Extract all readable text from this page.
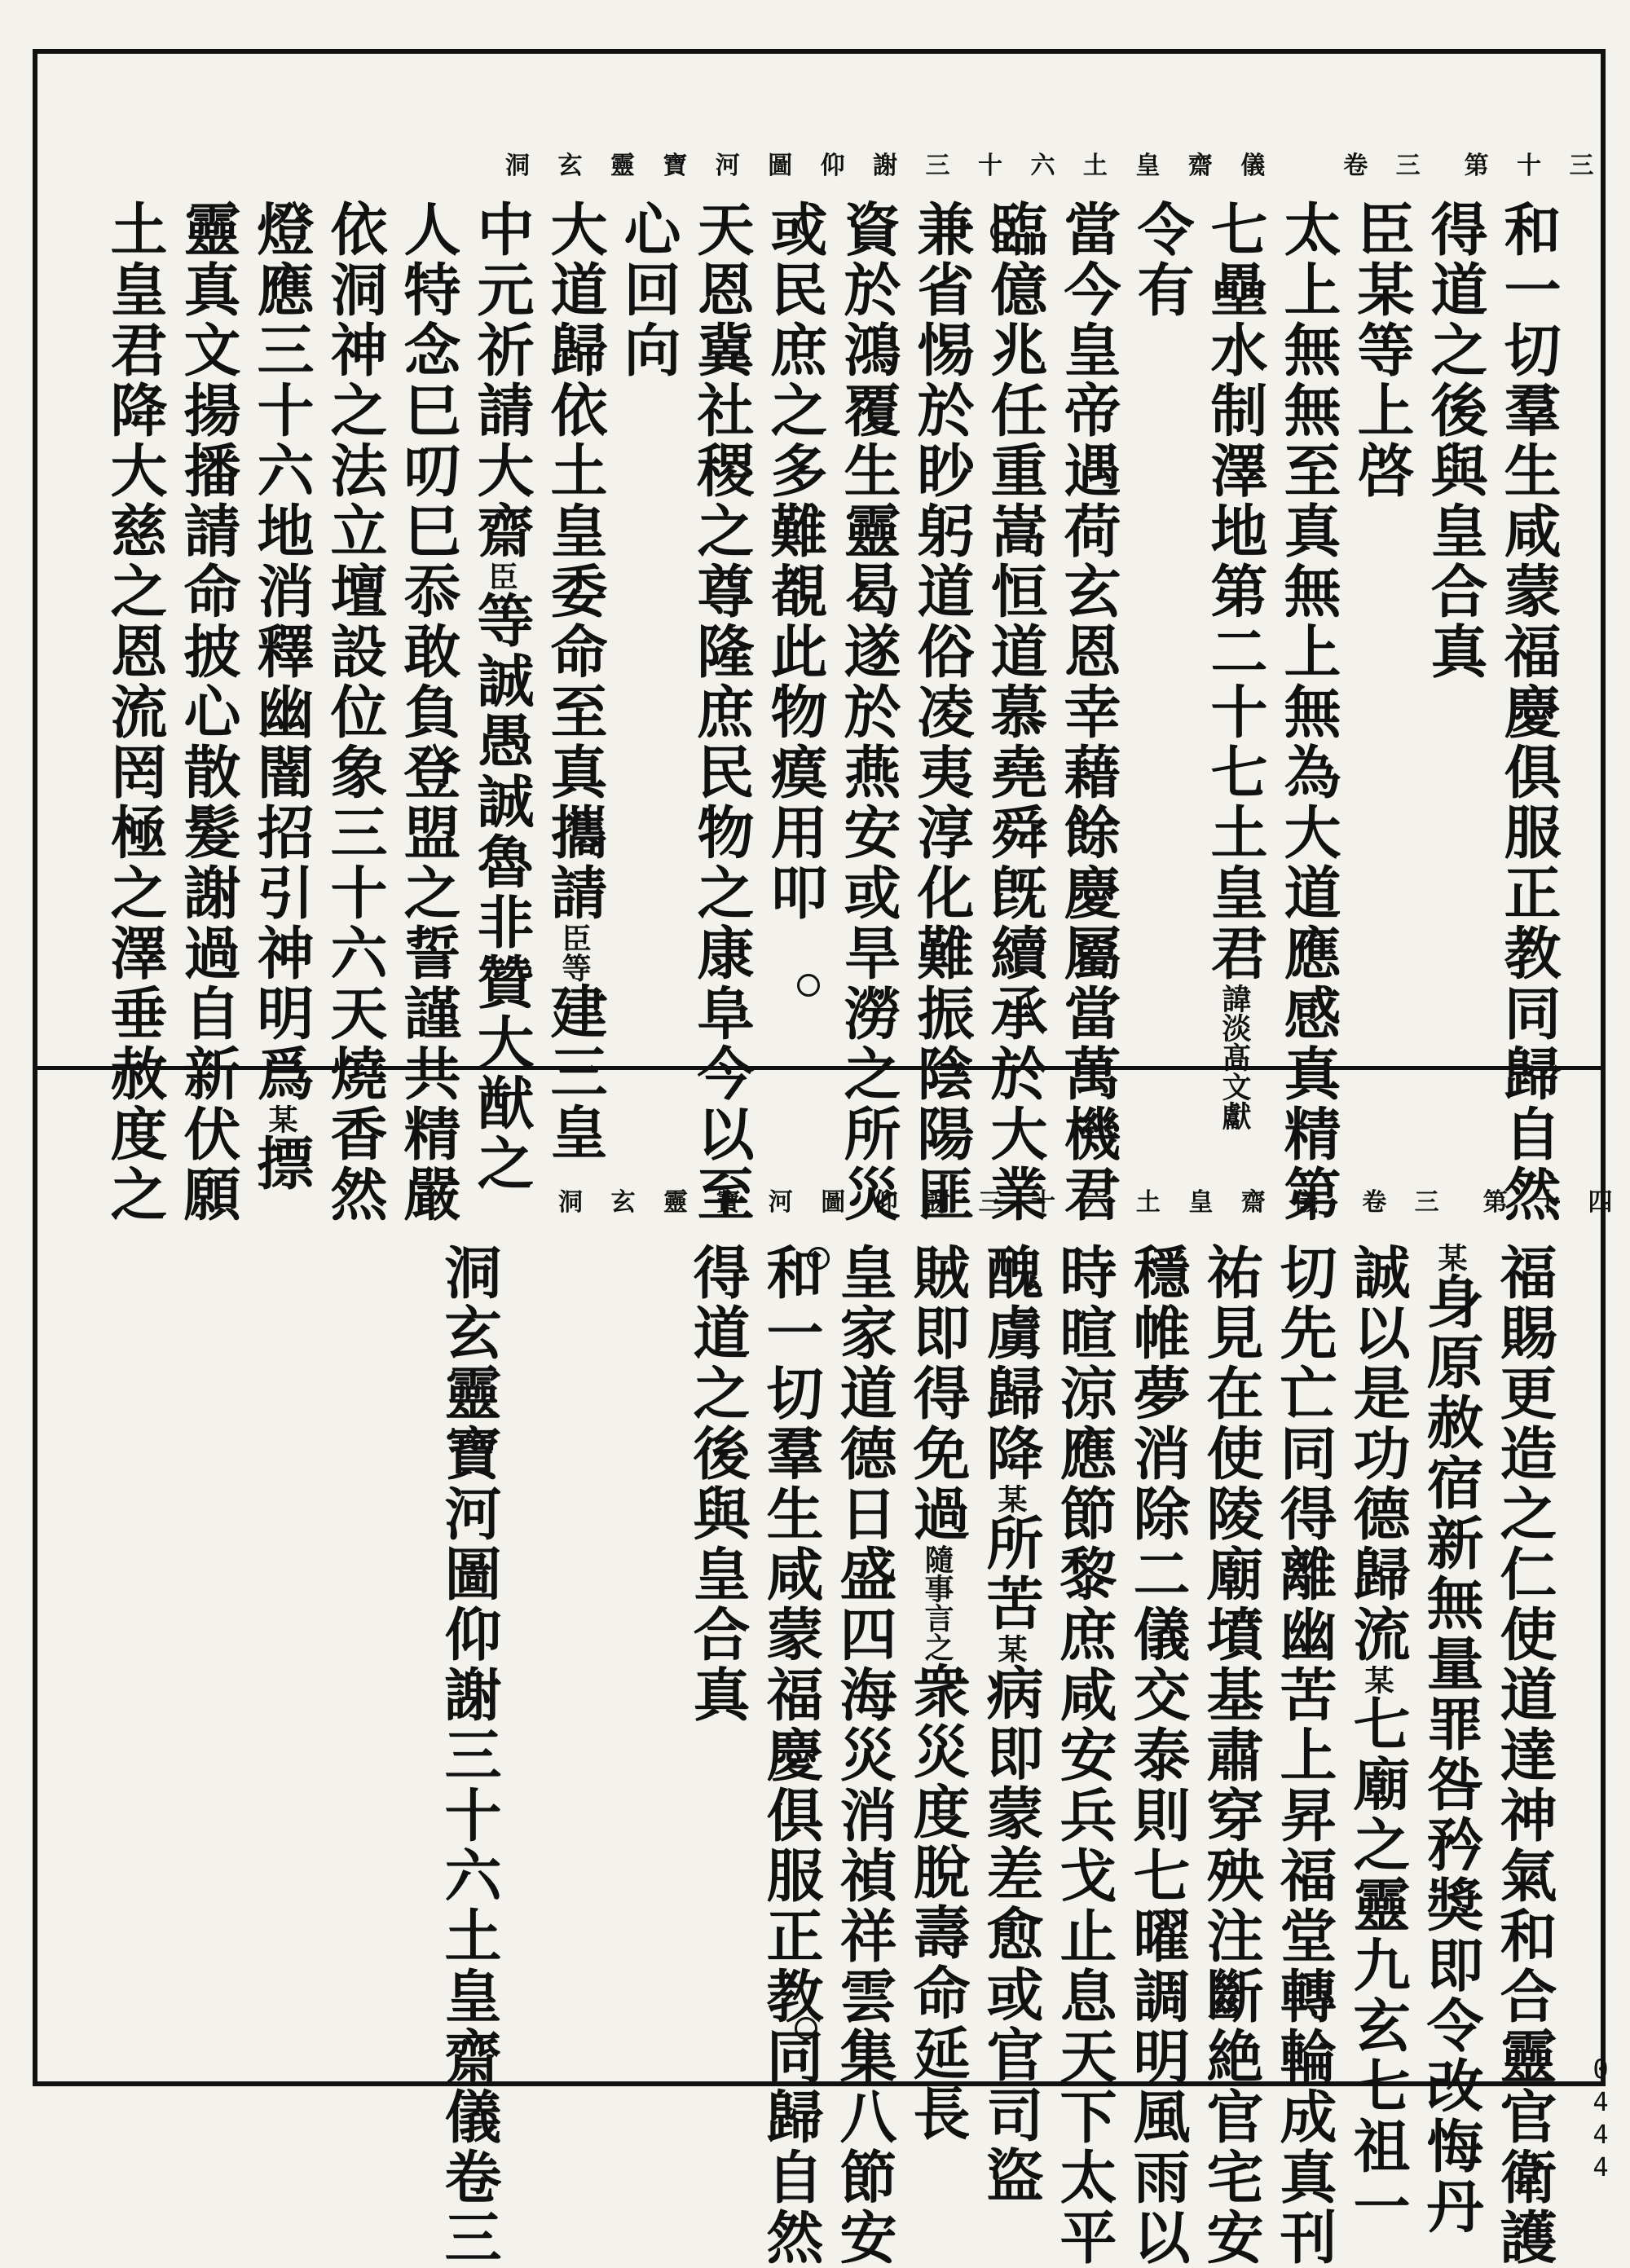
洞 玄 靈 寶 河 圖 仰 謝 三 十 六 土 皇 齋 儀　　卷 三　第 十 三
和一切羣生咸蒙福慶俱服正教同歸自然
得道之後與皇合真
臣某等上啓
太上無無至真無上無為大道應感真精第
七壘水制澤地第二十七土皇君諱淡髙文獻
令有
當今皇帝遇荷玄恩幸藉餘慶屬當萬機君
臨億兆任重嵩恒道慕堯舜旣續承於大業
兼省惕於眇躬道俗凌夷淳化難振陰陽匪
資於鴻覆生靈曷遂於燕安或旱澇之所災
或民庶之多難覩此物瘼用叩
天恩冀社稷之尊隆庶民物之康阜今以至
心回向
大道歸依土皇委命至真攜請臣等建三皇
中元祈請大齋臣等誠愚誠魯非贊大猷之
人特念巳叨巳忝敢負登盟之誓謹共精嚴
依洞神之法立壇設位象三十六天燒香然
燈應三十六地消釋幽闇招引神明爲某摽
靈真文揚播請命披心散髮謝過自新伏願
土皇君降大慈之恩流罔極之澤垂赦度之	洞 玄 靈 寶 河 圖 仰 謝 三 十 六 土 皇 齋 儀　卷 三　第 十 四
福賜更造之仁使道達神氣和合靈官衛護
某身原赦宿新無量罪咎矜獎即令改悔丹
誠以是功德歸流某七廟之靈九玄七祖一
切先亡同得離幽苦上昇福堂轉輪成真刊
祐見在使陵廟墳基肅穿殃注斷絶官宅安
穩帷夢消除二儀交泰則七曜調明風雨以
時暄涼應節黎庶咸安兵戈止息天下太平
醜虜歸降某所苦某病即蒙差愈或官司盜
賊即得免過隨事言之衆災度脫壽命延長
皇家道德日盛四海災消禎祥雲集八節安
和一切羣生咸蒙福慶俱服正教同歸自然
得道之後與皇合真
洞玄靈寶河圖仰謝三十六土皇齋儀卷三	0444
